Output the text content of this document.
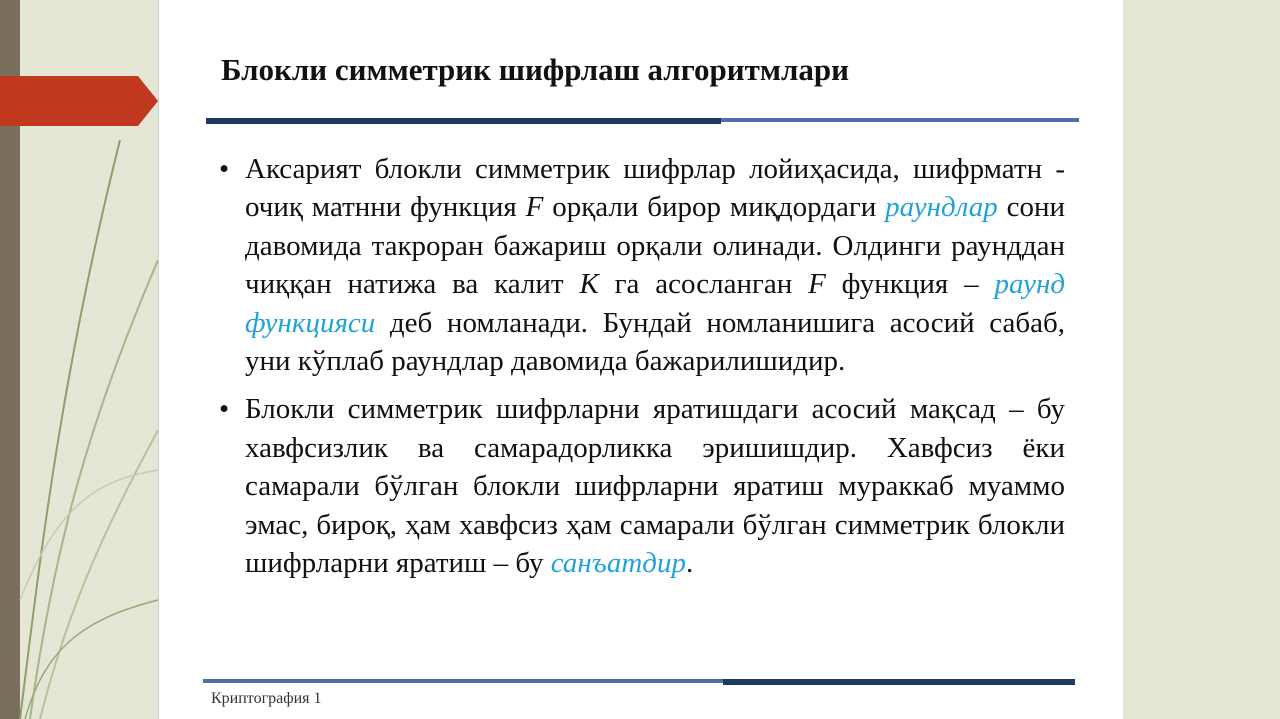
Блокли симметрик шифрлаш алгоритмлари
• Аксарият блокли симметрик шифрлар лойиҳасида, шифрматн - очиқ матнни функция F орқали бирор миқдордаги раундлар сони давомида такроран бажариш орқали олинади. Олдинги раунддан чиққан натижа ва калит K га асосланган F функция – раунд функцияси деб номланади. Бундай номланишига асосий сабаб, уни кўплаб раундлар давомида бажарилишидир.
• Блокли симметрик шифрларни яратишдаги асосий мақсад – бу хавфсизлик ва самарадорликка эришишдир. Хавфсиз ёки самарали бўлган блокли шифрларни яратиш мураккаб муаммо эмас, бироқ, ҳам хавфсиз ҳам самарали бўлган симметрик блокли шифрларни яратиш – бу санъатдир.
Криптография 1
